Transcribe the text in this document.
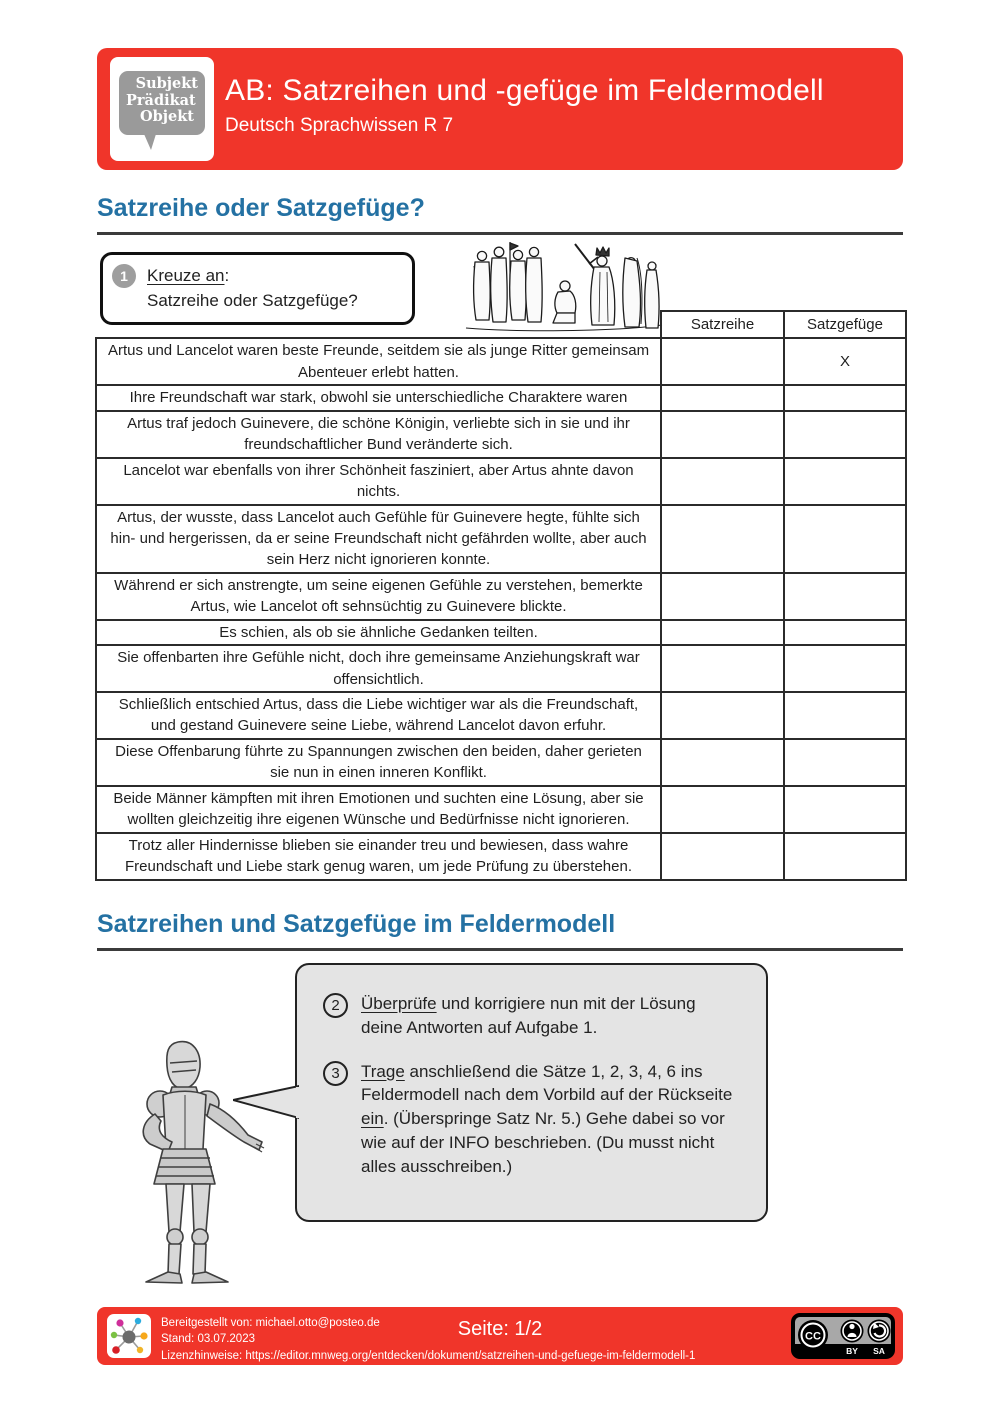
Subjekt
Prädikat
Objekt
AB: Satzreihen und -gefüge im Feldermodell
Deutsch Sprachwissen R 7
Satzreihe oder Satzgefüge?
1	Kreuze an:
Satzreihe oder Satzgefüge?
	Satzreihe	Satzgefüge
Artus und Lancelot waren beste Freunde, seitdem sie als junge Ritter gemeinsam Abenteuer erlebt hatten.		X
Ihre Freundschaft war stark, obwohl sie unterschiedliche Charaktere waren		
Artus traf jedoch Guinevere, die schöne Königin, verliebte sich in sie und ihr freundschaftlicher Bund veränderte sich.		
Lancelot war ebenfalls von ihrer Schönheit fasziniert, aber Artus ahnte davon nichts.		
Artus, der wusste, dass Lancelot auch Gefühle für Guinevere hegte, fühlte sich hin- und hergerissen, da er seine Freundschaft nicht gefährden wollte, aber auch sein Herz nicht ignorieren konnte.		
Während er sich anstrengte, um seine eigenen Gefühle zu verstehen, bemerkte Artus, wie Lancelot oft sehnsüchtig zu Guinevere blickte.		
Es schien, als ob sie ähnliche Gedanken teilten.		
Sie offenbarten ihre Gefühle nicht, doch ihre gemeinsame Anziehungskraft war offensichtlich.		
Schließlich entschied Artus, dass die Liebe wichtiger war als die Freundschaft, und gestand Guinevere seine Liebe, während Lancelot davon erfuhr.		
Diese Offenbarung führte zu Spannungen zwischen den beiden, daher gerieten sie nun in einen inneren Konflikt.		
Beide Männer kämpften mit ihren Emotionen und suchten eine Lösung, aber sie wollten gleichzeitig ihre eigenen Wünsche und Bedürfnisse nicht ignorieren.		
Trotz aller Hindernisse blieben sie einander treu und bewiesen, dass wahre Freundschaft und Liebe stark genug waren, um jede Prüfung zu überstehen.		
Satzreihen und Satzgefüge im Feldermodell
2	Überprüfe und korrigiere nun mit der Lösung deine Antworten auf Aufgabe 1.
3	Trage anschließend die Sätze 1, 2, 3, 4, 6 ins Feldermodell nach dem Vorbild auf der Rückseite ein. (Überspringe Satz Nr. 5.) Gehe dabei so vor wie auf der INFO beschrieben. (Du musst nicht alles ausschreiben.)
Bereitgestellt von: michael.otto@posteo.de
Stand: 03.07.2023
Lizenzhinweise: https://editor.mnweg.org/entdecken/dokument/satzreihen-und-gefuege-im-feldermodell-1
Seite: 1/2	CC
BY SA
